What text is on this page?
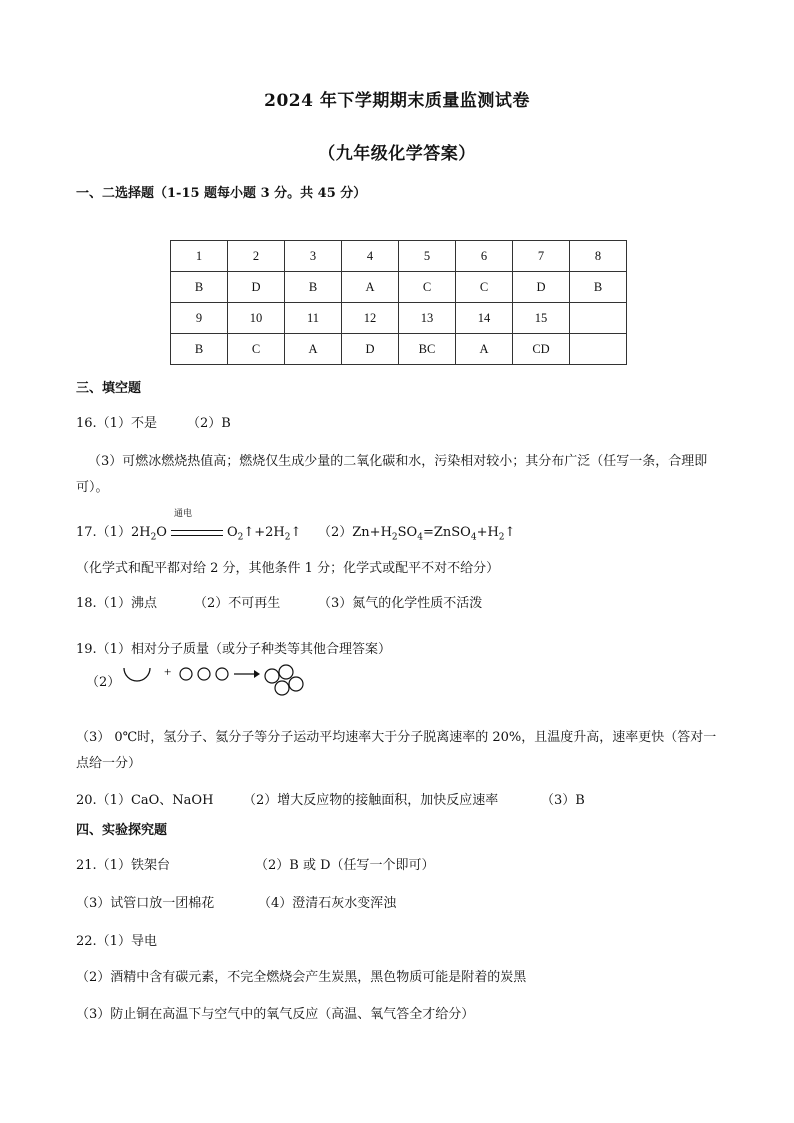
2024 年下学期期末质量监测试卷
（九年级化学答案）
一、二选择题（1-15 题每小题 3 分。共 45 分）
1	2	3	4	5	6	7	8
B	D	B	A	C	C	D	B
9	10	11	12	13	14	15	
B	C	A	D	BC	A	CD	
三、填空题
16.（1）不是 （2）B
（3）可燃冰燃烧热值高；燃烧仅生成少量的二氧化碳和水，污染相对较小；其分布广泛（任写一条，合理即可）。
通电
$17.(1)2H_2O$	$O_2↑+2H_2↑$ $(2)Zn+H_2SO_4=ZnSO_4+H_2↑$
（化学式和配平都对给 2 分，其他条件 1 分；化学式或配平不对不给分）
18.（1）沸点	（2）不可再生	（3）氮气的化学性质不活泼
19.（1）相对分子质量（或分子种类等其他合理答案）
（2）
+
（3） 0℃时，氢分子、氦分子等分子运动平均速率大于分子脱离速率的 20%，且温度升高，速率更快（答对一点给一分）
20.（1）CaO、NaOH （2）增大反应物的接触面积，加快反应速率	（3）B
四、实验探究题
21.（1）铁架台	（2）B 或 D（任写一个即可）
（3）试管口放一团棉花	（4）澄清石灰水变浑浊
22.（1）导电
（2）酒精中含有碳元素，不完全燃烧会产生炭黑，黑色物质可能是附着的炭黑
（3）防止铜在高温下与空气中的氧气反应（高温、氧气答全才给分）
